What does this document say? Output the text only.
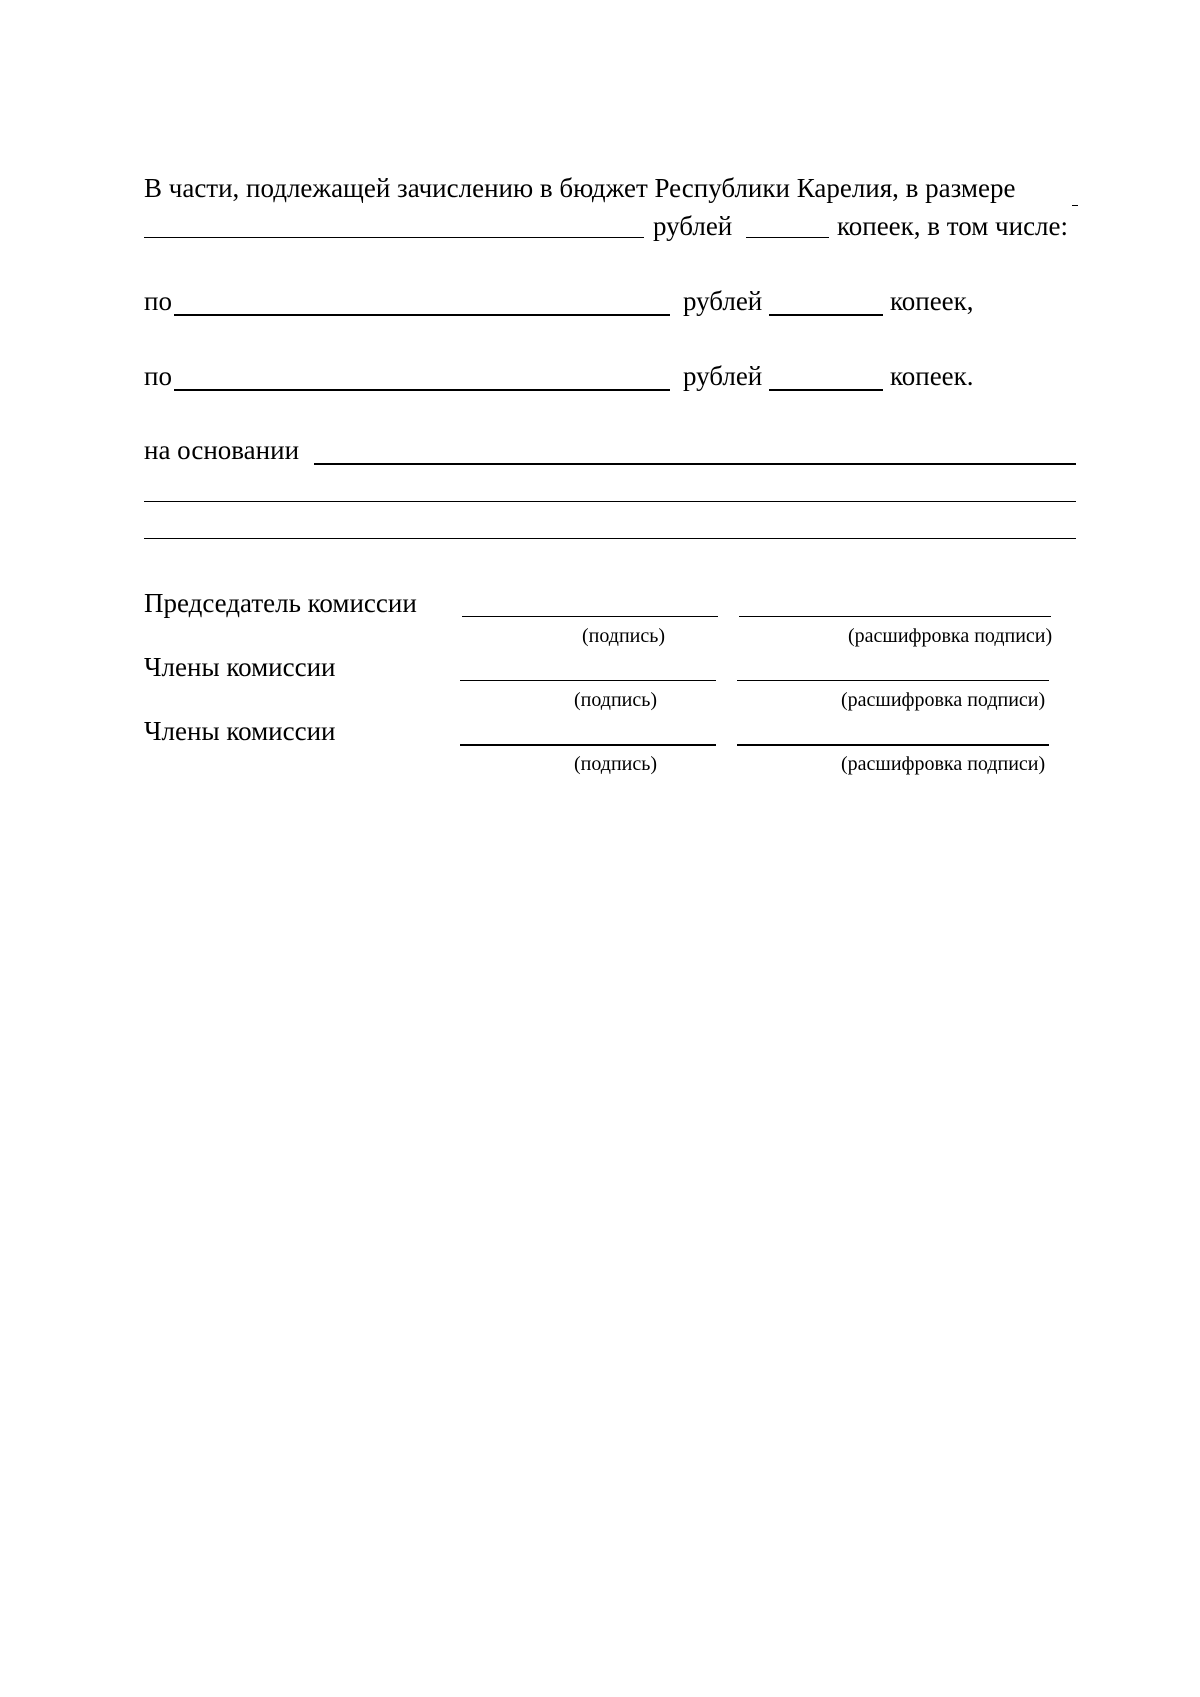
В части, подлежащей зачислению в бюджет Республики Карелия, в размере
рублей	копеек, в том числе:
по	рублей	копеек,
по	рублей	копеек.
на основании
Председатель комиссии
(подпись)	(расшифровка подписи)
Члены комиссии
(подпись)	(расшифровка подписи)
Члены комиссии
(подпись)	(расшифровка подписи)
